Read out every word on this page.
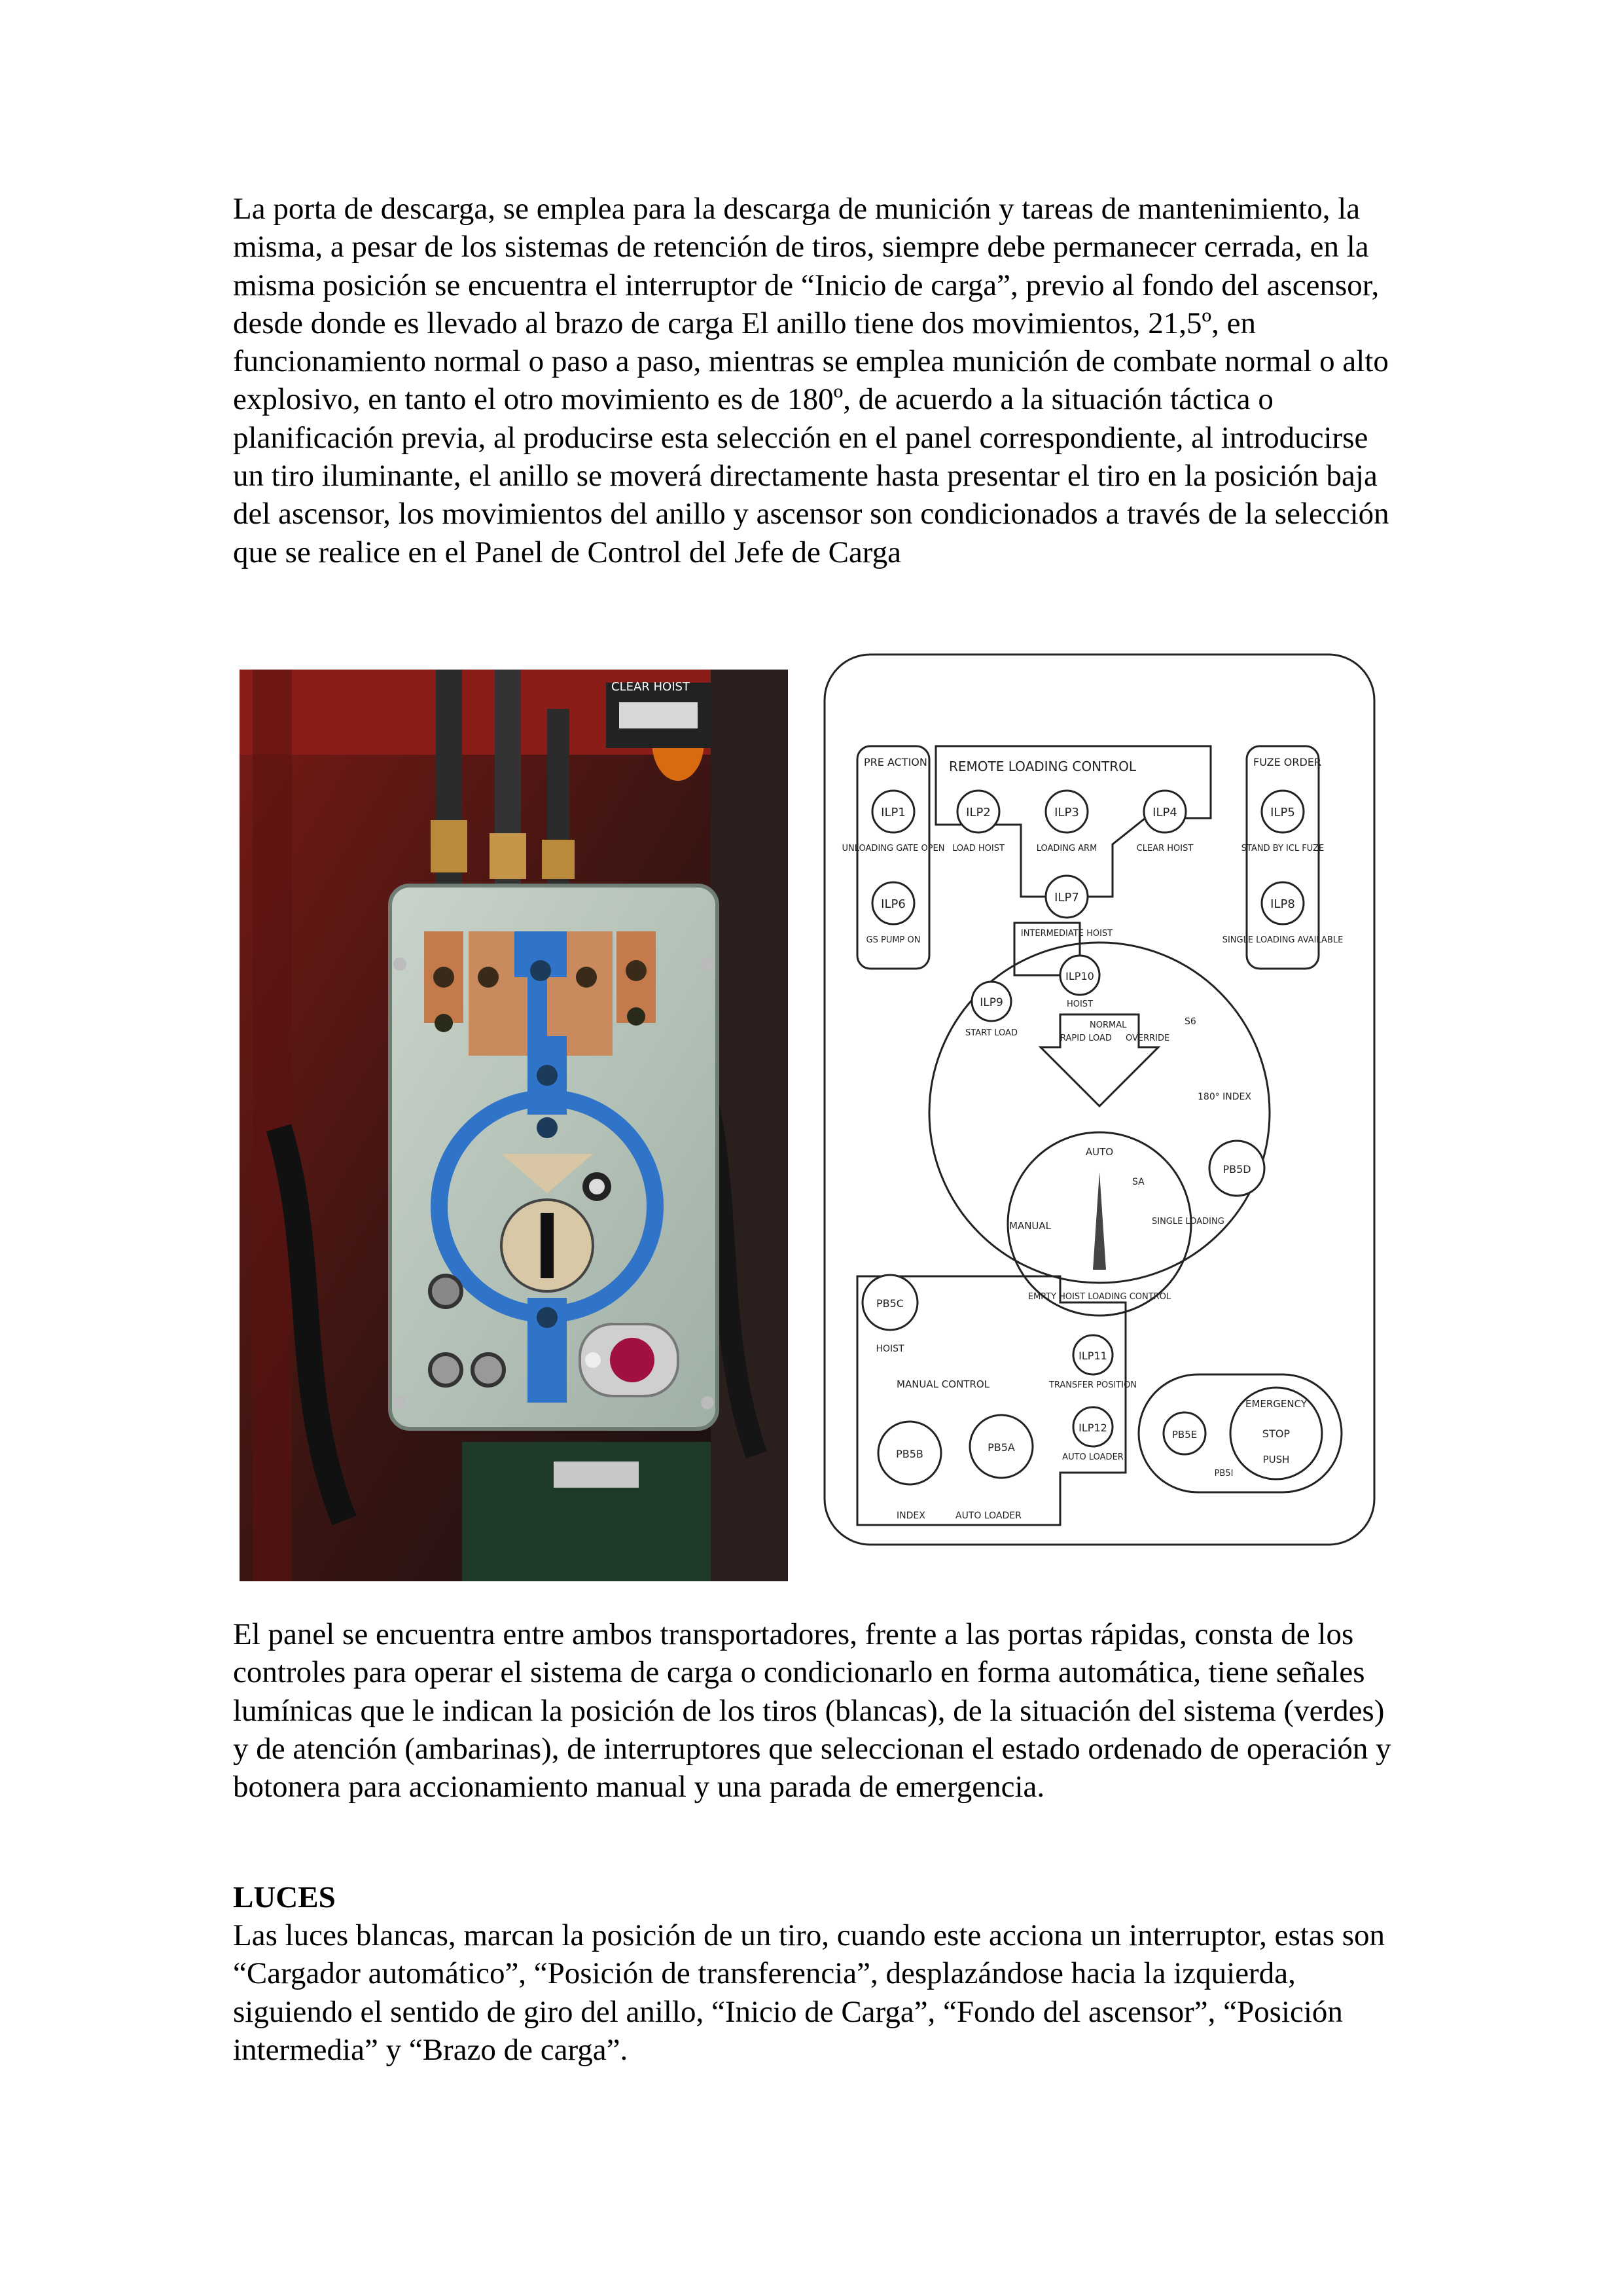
La porta de descarga, se emplea para la descarga de munición y tareas de mantenimiento, la misma, a pesar de los sistemas de retención de tiros, siempre debe permanecer cerrada, en la misma posición se encuentra el interruptor de “Inicio de carga”, previo al fondo del ascensor, desde donde es llevado al brazo de carga El anillo tiene dos movimientos, 21,5º, en funcionamiento normal o paso a paso, mientras se emplea munición de combate normal o alto explosivo, en tanto el otro movimiento es de 180º, de acuerdo a la situación táctica o planificación previa, al producirse esta selección en el panel correspondiente, al introducirse un tiro iluminante, el anillo se moverá directamente hasta presentar el tiro en la posición baja del ascensor, los movimientos del anillo y ascensor son condicionados a través de la selección que se realice en el Panel de Control del Jefe de Carga

CLEAR HOIST
REMOTE LOADING CONTROL
PRE ACTION	FUZE ORDER
ILP1
UNLOADING GATE OPEN
ILP2
LOAD HOIST
ILP3
LOADING ARM
ILP4
CLEAR HOIST
ILP5
STAND BY ICL FUZE
ILP6
GS PUMP ON
ILP7
INTERMEDIATE HOIST
ILP8
SINGLE LOADING AVAILABLE
ILP9
START LOAD
ILP10
HOIST
ILP11
TRANSFER POSITION
ILP12
AUTO LOADER
RAPID LOAD
NORMAL
OVERRIDE
S6
180° INDEX
AUTO
MANUAL	SINGLE LOADING
EMPTY HOIST LOADING CONTROL
SA
PB5D
PB5C
HOIST
MANUAL CONTROL
PB5B
PB5A
INDEX	AUTO LOADER
PB5E
EMERGENCY
STOP
PUSH
PB5I

El panel se encuentra entre ambos transportadores, frente a las portas rápidas, consta de los controles para operar el sistema de carga o condicionarlo en forma automática, tiene señales lumínicas que le indican la posición de los tiros (blancas), de la situación del sistema (verdes) y de atención (ambarinas), de interruptores que seleccionan el estado ordenado de operación y botonera para accionamiento manual y una parada de emergencia.

LUCES

Las luces blancas, marcan la posición de un tiro, cuando este acciona un interruptor, estas son “Cargador automático”, “Posición de transferencia”, desplazándose hacia la izquierda, siguiendo el sentido de giro del anillo, “Inicio de Carga”, “Fondo del ascensor”, “Posición intermedia” y “Brazo de carga”.
